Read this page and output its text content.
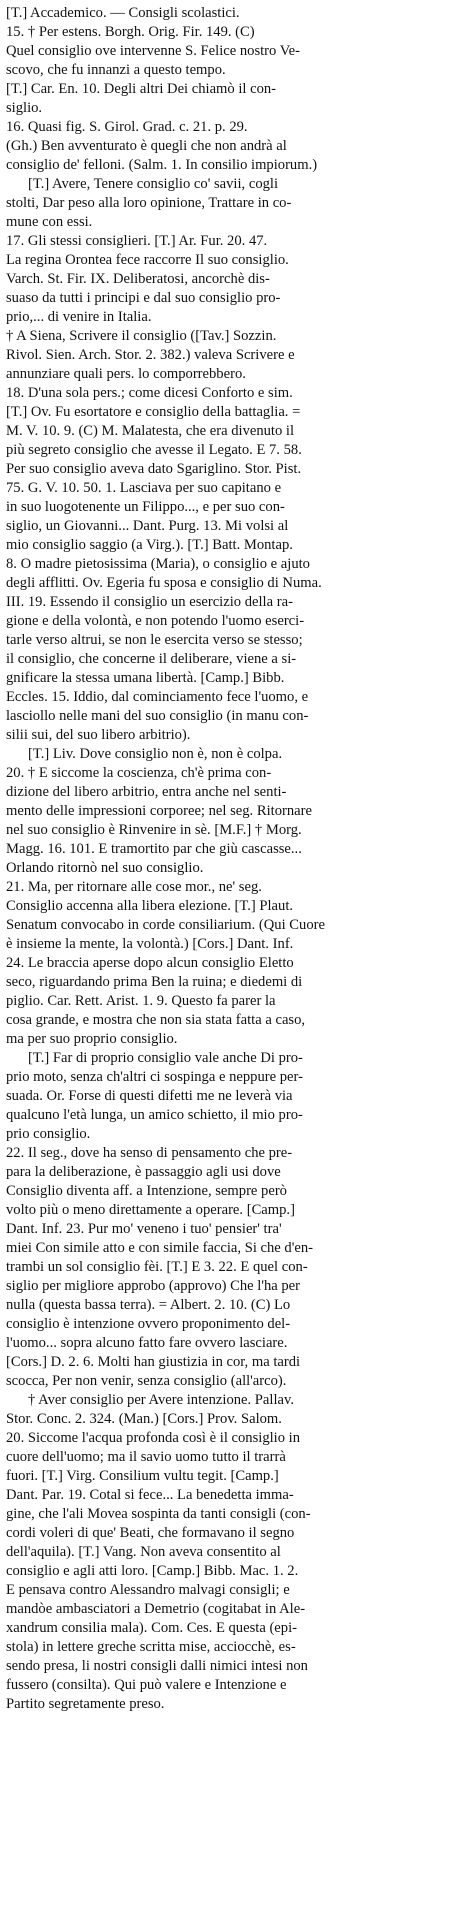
[T.] Accademico. — Consigli scolastici.
15. † Per estens. Borgh. Orig. Fir. 149. (C)
Quel consiglio ove intervenne S. Felice nostro Ve-
scovo, che fu innanzi a questo tempo.
[T.] Car. En. 10. Degli altri Dei chiamò il con-
siglio.
16. Quasi fig. S. Girol. Grad. c. 21. p. 29.
(Gh.) Ben avventurato è quegli che non andrà al
consiglio de' felloni. (Salm. 1. In consilio impiorum.)
[T.] Avere, Tenere consiglio co' savii, cogli
stolti, Dar peso alla loro opinione, Trattare in co-
mune con essi.
17. Gli stessi consiglieri. [T.] Ar. Fur. 20. 47.
La regina Orontea fece raccorre Il suo consiglio.
Varch. St. Fir. IX. Deliberatosi, ancorchè dis-
suaso da tutti i principi e dal suo consiglio pro-
prio,... di venire in Italia.
† A Siena, Scrivere il consiglio ([Tav.] Sozzin.
Rivol. Sien. Arch. Stor. 2. 382.) valeva Scrivere e
annunziare quali pers. lo comporrebbero.
18. D'una sola pers.; come dicesi Conforto e sim.
[T.] Ov. Fu esortatore e consiglio della battaglia. =
M. V. 10. 9. (C) M. Malatesta, che era divenuto il
più segreto consiglio che avesse il Legato. E 7. 58.
Per suo consiglio aveva dato Sgariglino. Stor. Pist.
75. G. V. 10. 50. 1. Lasciava per suo capitano e
in suo luogotenente un Filippo..., e per suo con-
siglio, un Giovanni... Dant. Purg. 13. Mi volsi al
mio consiglio saggio (a Virg.). [T.] Batt. Montap.
8. O madre pietosissima (Maria), o consiglio e ajuto
degli afflitti. Ov. Egeria fu sposa e consiglio di Numa.
III. 19. Essendo il consiglio un esercizio della ra-
gione e della volontà, e non potendo l'uomo eserci-
tarle verso altrui, se non le esercita verso se stesso;
il consiglio, che concerne il deliberare, viene a si-
gnificare la stessa umana libertà. [Camp.] Bibb.
Eccles. 15. Iddio, dal cominciamento fece l'uomo, e
lasciollo nelle mani del suo consiglio (in manu con-
silii sui, del suo libero arbitrio).
[T.] Liv. Dove consiglio non è, non è colpa.
20. † E siccome la coscienza, ch'è prima con-
dizione del libero arbitrio, entra anche nel senti-
mento delle impressioni corporee; nel seg. Ritornare
nel suo consiglio è Rinvenire in sè. [M.F.] † Morg.
Magg. 16. 101. E tramortito par che giù cascasse...
Orlando ritornò nel suo consiglio.
21. Ma, per ritornare alle cose mor., ne' seg.
Consiglio accenna alla libera elezione. [T.] Plaut.
Senatum convocabo in corde consiliarium. (Qui Cuore
è insieme la mente, la volontà.) [Cors.] Dant. Inf.
24. Le braccia aperse dopo alcun consiglio Eletto
seco, riguardando prima Ben la ruina; e diedemi di
piglio. Car. Rett. Arist. 1. 9. Questo fa parer la
cosa grande, e mostra che non sia stata fatta a caso,
ma per suo proprio consiglio.
[T.] Far di proprio consiglio vale anche Di pro-
prio moto, senza ch'altri ci sospinga e neppure per-
suada. Or. Forse di questi difetti me ne leverà via
qualcuno l'età lunga, un amico schietto, il mio pro-
prio consiglio.
22. Il seg., dove ha senso di pensamento che pre-
para la deliberazione, è passaggio agli usi dove
Consiglio diventa aff. a Intenzione, sempre però
volto più o meno direttamente a operare. [Camp.]
Dant. Inf. 23. Pur mo' veneno i tuo' pensier' tra'
miei Con simile atto e con simile faccia, Si che d'en-
trambi un sol consiglio fèi. [T.] E 3. 22. E quel con-
siglio per migliore approbo (approvo) Che l'ha per
nulla (questa bassa terra). = Albert. 2. 10. (C) Lo
consiglio è intenzione ovvero proponimento del-
l'uomo... sopra alcuno fatto fare ovvero lasciare.
[Cors.] D. 2. 6. Molti han giustizia in cor, ma tardi
scocca, Per non venir, senza consiglio (all'arco).
† Aver consiglio per Avere intenzione. Pallav.
Stor. Conc. 2. 324. (Man.) [Cors.] Prov. Salom.
20. Siccome l'acqua profonda così è il consiglio in
cuore dell'uomo; ma il savio uomo tutto il trarrà
fuori. [T.] Virg. Consilium vultu tegit. [Camp.]
Dant. Par. 19. Cotal si fece... La benedetta imma-
gine, che l'ali Movea sospinta da tanti consigli (con-
cordi voleri di que' Beati, che formavano il segno
dell'aquila). [T.] Vang. Non aveva consentito al
consiglio e agli atti loro. [Camp.] Bibb. Mac. 1. 2.
E pensava contro Alessandro malvagi consigli; e
mandòe ambasciatori a Demetrio (cogitabat in Ale-
xandrum consilia mala). Com. Ces. E questa (epi-
stola) in lettere greche scritta mise, acciocchè, es-
sendo presa, li nostri consigli dalli nimici intesi non
fussero (consilta). Qui può valere e Intenzione e
Partito segretamente preso.
